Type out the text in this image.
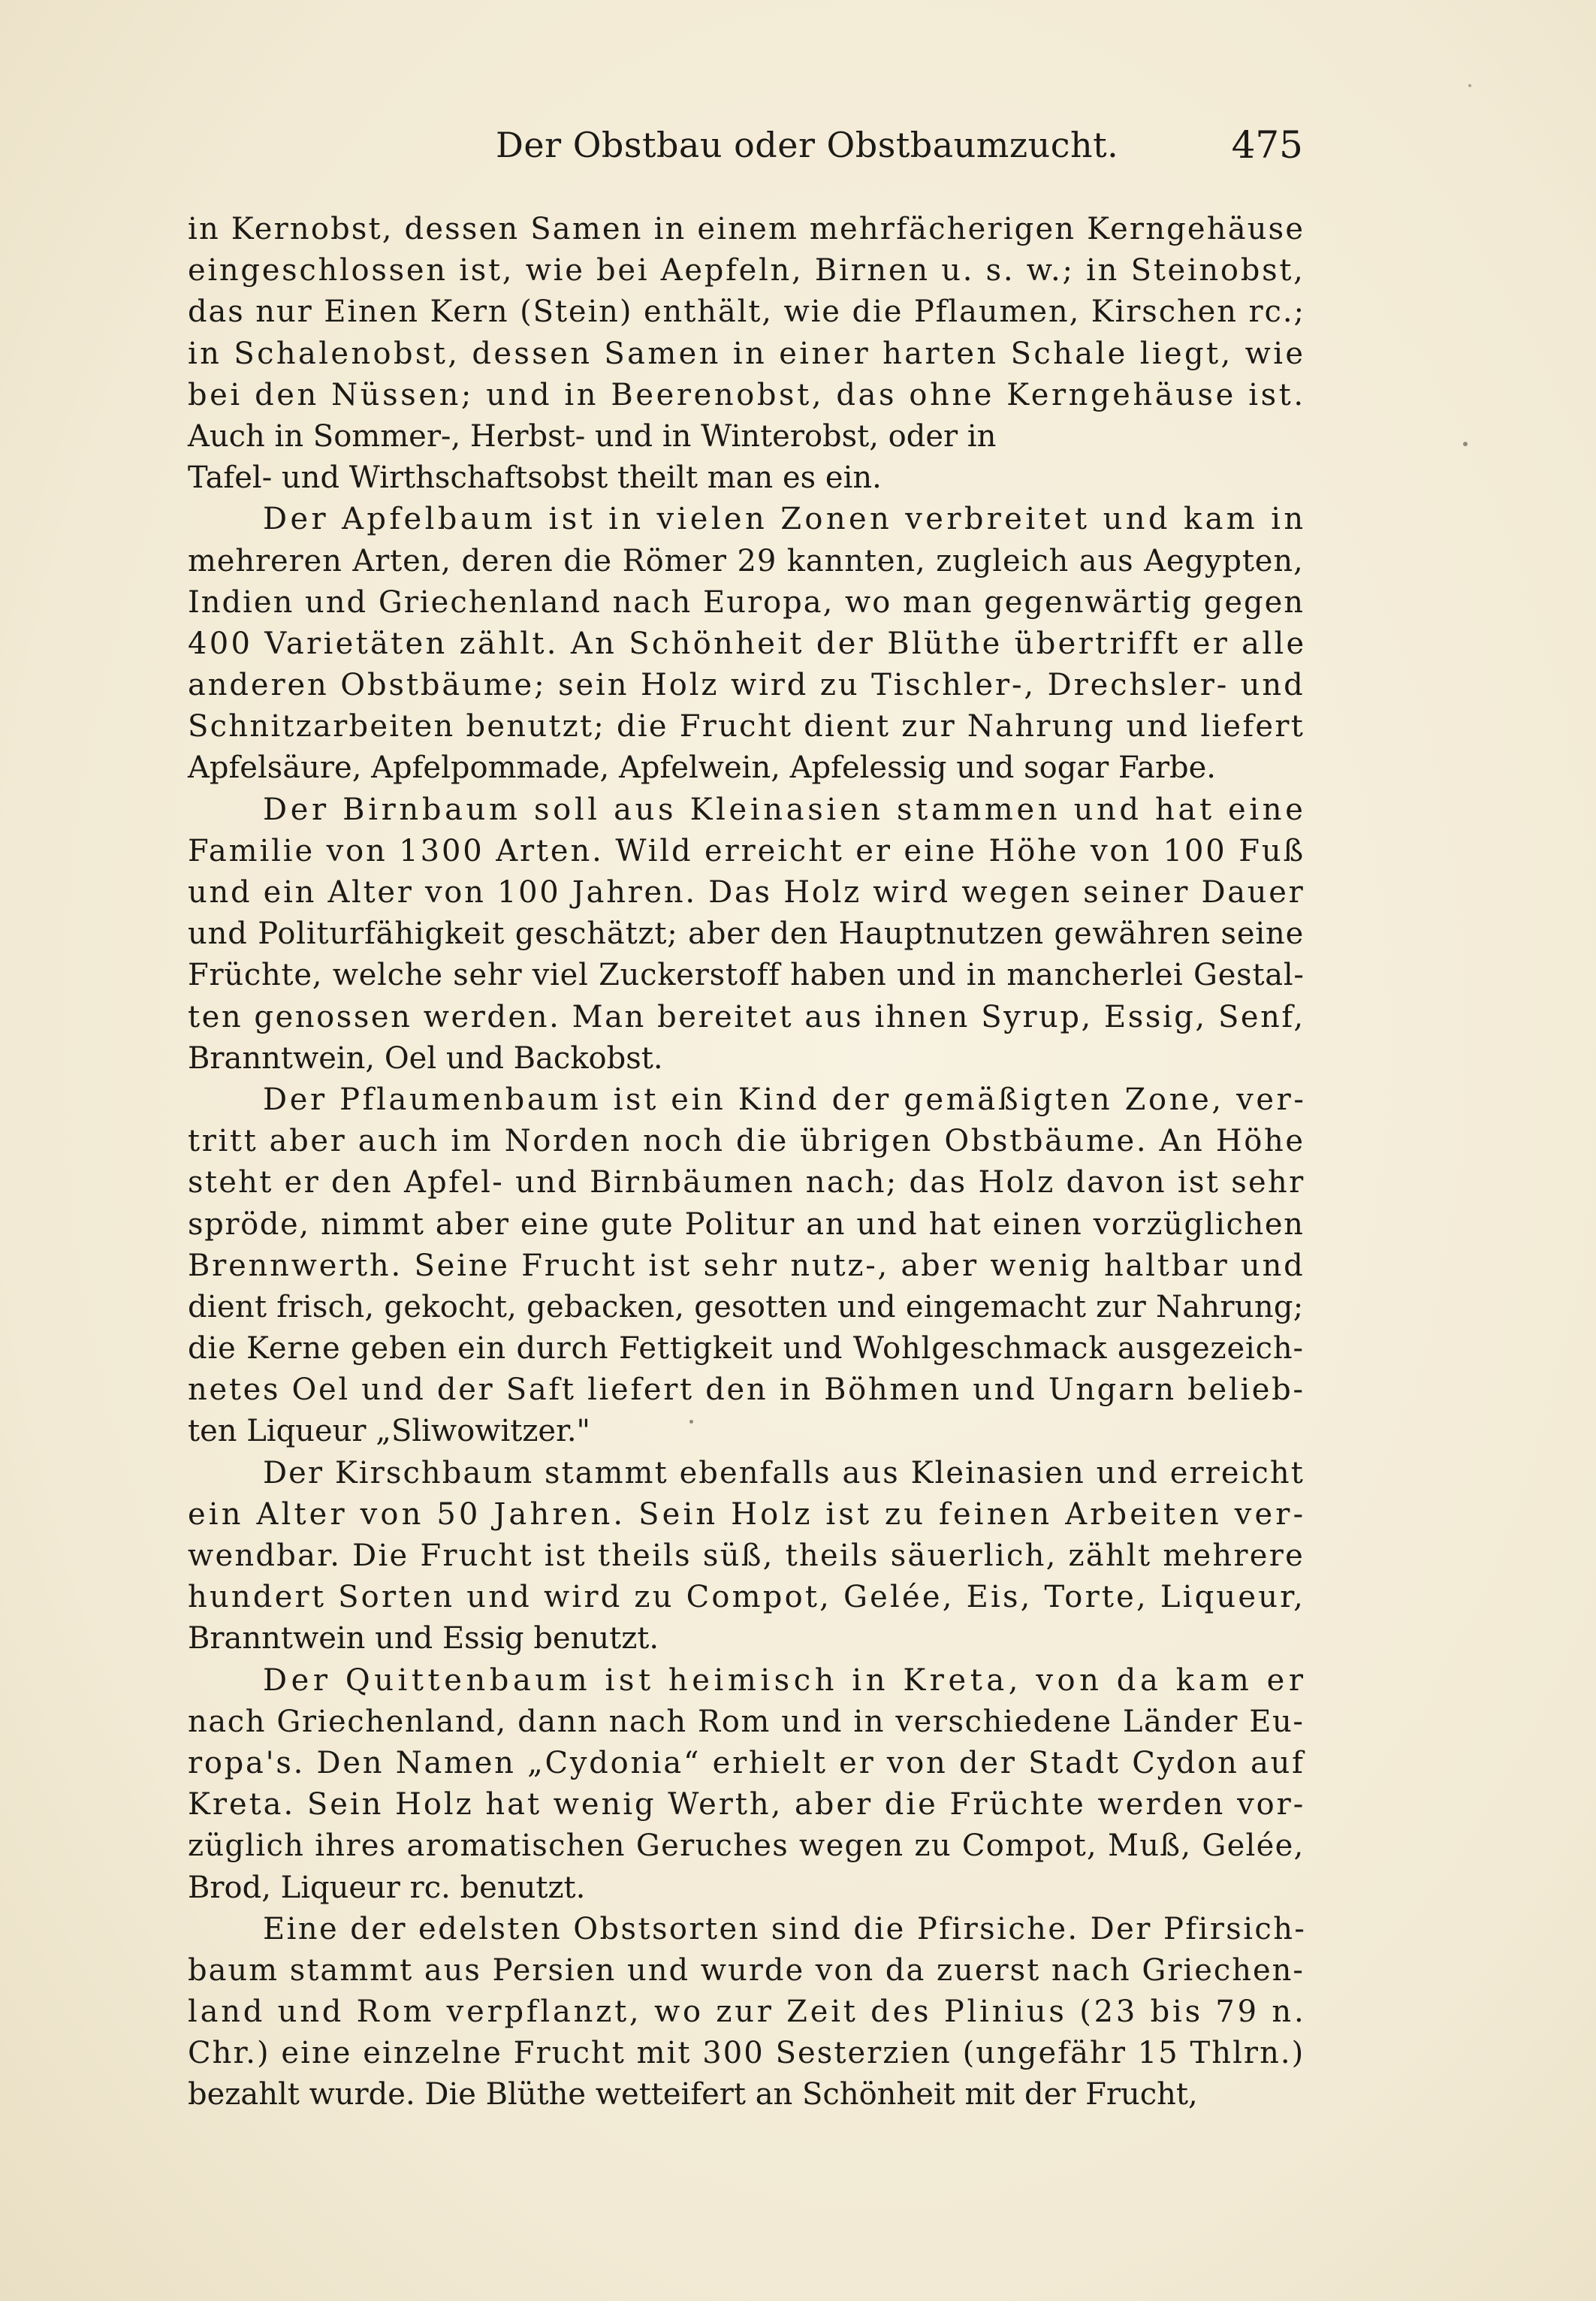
Der Obstbau oder Obstbaumzucht.	475
in Kernobst, dessen Samen in einem mehrfächerigen Kerngehäuse
eingeschlossen ist, wie bei Aepfeln, Birnen u. s. w.; in Steinobst,
das nur Einen Kern (Stein) enthält, wie die Pflaumen, Kirschen rc.;
in Schalenobst, dessen Samen in einer harten Schale liegt, wie
bei den Nüssen; und in Beerenobst, das ohne Kerngehäuse ist.
Auch in Sommer-, Herbst- und in Winterobst, oder in
Tafel- und Wirthschaftsobst theilt man es ein.
Der Apfelbaum ist in vielen Zonen verbreitet und kam in
mehreren Arten, deren die Römer 29 kannten, zugleich aus Aegypten,
Indien und Griechenland nach Europa, wo man gegenwärtig gegen
400 Varietäten zählt. An Schönheit der Blüthe übertrifft er alle
anderen Obstbäume; sein Holz wird zu Tischler-, Drechsler- und
Schnitzarbeiten benutzt; die Frucht dient zur Nahrung und liefert
Apfelsäure, Apfelpommade, Apfelwein, Apfelessig und sogar Farbe.
Der Birnbaum soll aus Kleinasien stammen und hat eine
Familie von 1300 Arten. Wild erreicht er eine Höhe von 100 Fuß
und ein Alter von 100 Jahren. Das Holz wird wegen seiner Dauer
und Politurfähigkeit geschätzt; aber den Hauptnutzen gewähren seine
Früchte, welche sehr viel Zuckerstoff haben und in mancherlei Gestal-
ten genossen werden. Man bereitet aus ihnen Syrup, Essig, Senf,
Branntwein, Oel und Backobst.
Der Pflaumenbaum ist ein Kind der gemäßigten Zone, ver-
tritt aber auch im Norden noch die übrigen Obstbäume. An Höhe
steht er den Apfel- und Birnbäumen nach; das Holz davon ist sehr
spröde, nimmt aber eine gute Politur an und hat einen vorzüglichen
Brennwerth. Seine Frucht ist sehr nutz-, aber wenig haltbar und
dient frisch, gekocht, gebacken, gesotten und eingemacht zur Nahrung;
die Kerne geben ein durch Fettigkeit und Wohlgeschmack ausgezeich-
netes Oel und der Saft liefert den in Böhmen und Ungarn belieb-
ten Liqueur „Sliwowitzer."
Der Kirschbaum stammt ebenfalls aus Kleinasien und erreicht
ein Alter von 50 Jahren. Sein Holz ist zu feinen Arbeiten ver-
wendbar. Die Frucht ist theils süß, theils säuerlich, zählt mehrere
hundert Sorten und wird zu Compot, Gelée, Eis, Torte, Liqueur,
Branntwein und Essig benutzt.
Der Quittenbaum ist heimisch in Kreta, von da kam er
nach Griechenland, dann nach Rom und in verschiedene Länder Eu-
ropa's. Den Namen „Cydonia“ erhielt er von der Stadt Cydon auf
Kreta. Sein Holz hat wenig Werth, aber die Früchte werden vor-
züglich ihres aromatischen Geruches wegen zu Compot, Muß, Gelée,
Brod, Liqueur rc. benutzt.
Eine der edelsten Obstsorten sind die Pfirsiche. Der Pfirsich-
baum stammt aus Persien und wurde von da zuerst nach Griechen-
land und Rom verpflanzt, wo zur Zeit des Plinius (23 bis 79 n.
Chr.) eine einzelne Frucht mit 300 Sesterzien (ungefähr 15 Thlrn.)
bezahlt wurde. Die Blüthe wetteifert an Schönheit mit der Frucht,
